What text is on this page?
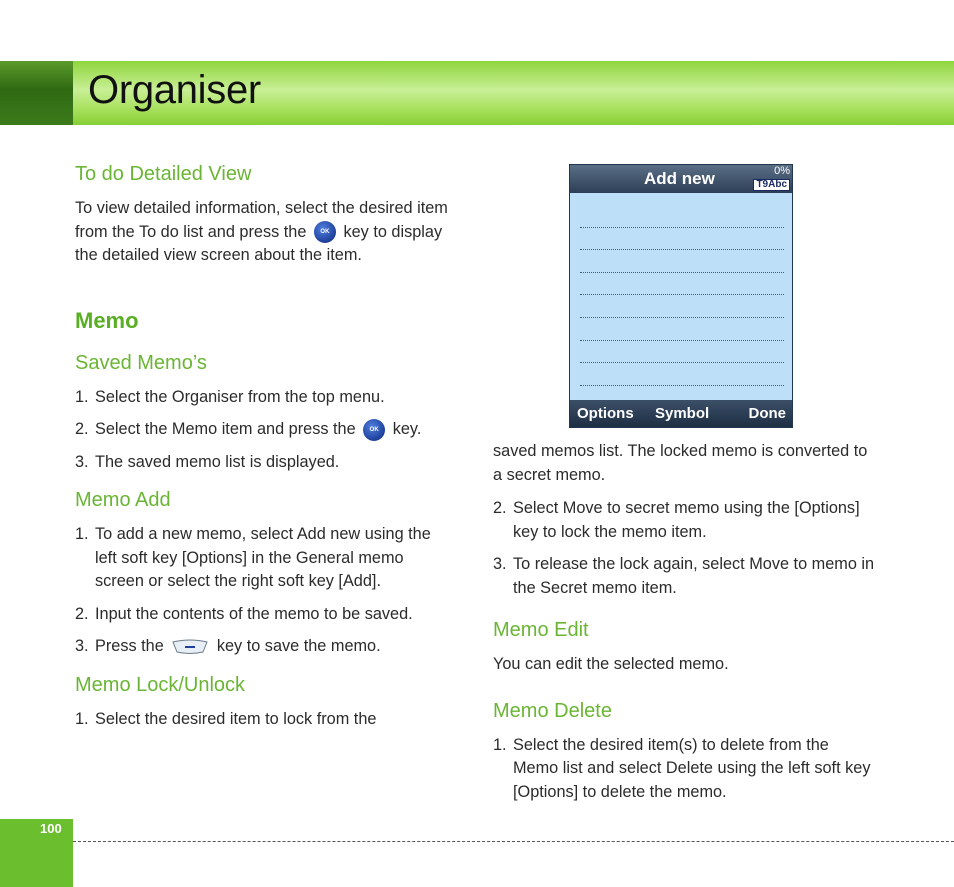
Organiser
To do Detailed View

To view detailed information, select the desired item from the To do list and press the OK key to display the detailed view screen about the item.

Memo
Saved Memo’s
1. Select the Organiser from the top menu.
2. Select the Memo item and press the OK key.
3. The saved memo list is displayed.
Memo Add
1. To add a new memo, select Add new using the left soft key [Options] in the General memo screen or select the right soft key [Add].
2. Input the contents of the memo to be saved.
3. Press the	key to save the memo.
Memo Lock/Unlock
1. Select the desired item to lock from the
Add new	0%
T9Abc
Options Symbol	Done

saved memos list. The locked memo is converted to a secret memo.

2. Select Move to secret memo using the [Options] key to lock the memo item.
3. To release the lock again, select Move to memo in the Secret memo item.
Memo Edit

You can edit the selected memo.

Memo Delete
1. Select the desired item(s) to delete from the Memo list and select Delete using the left soft key [Options] to delete the memo.
100
